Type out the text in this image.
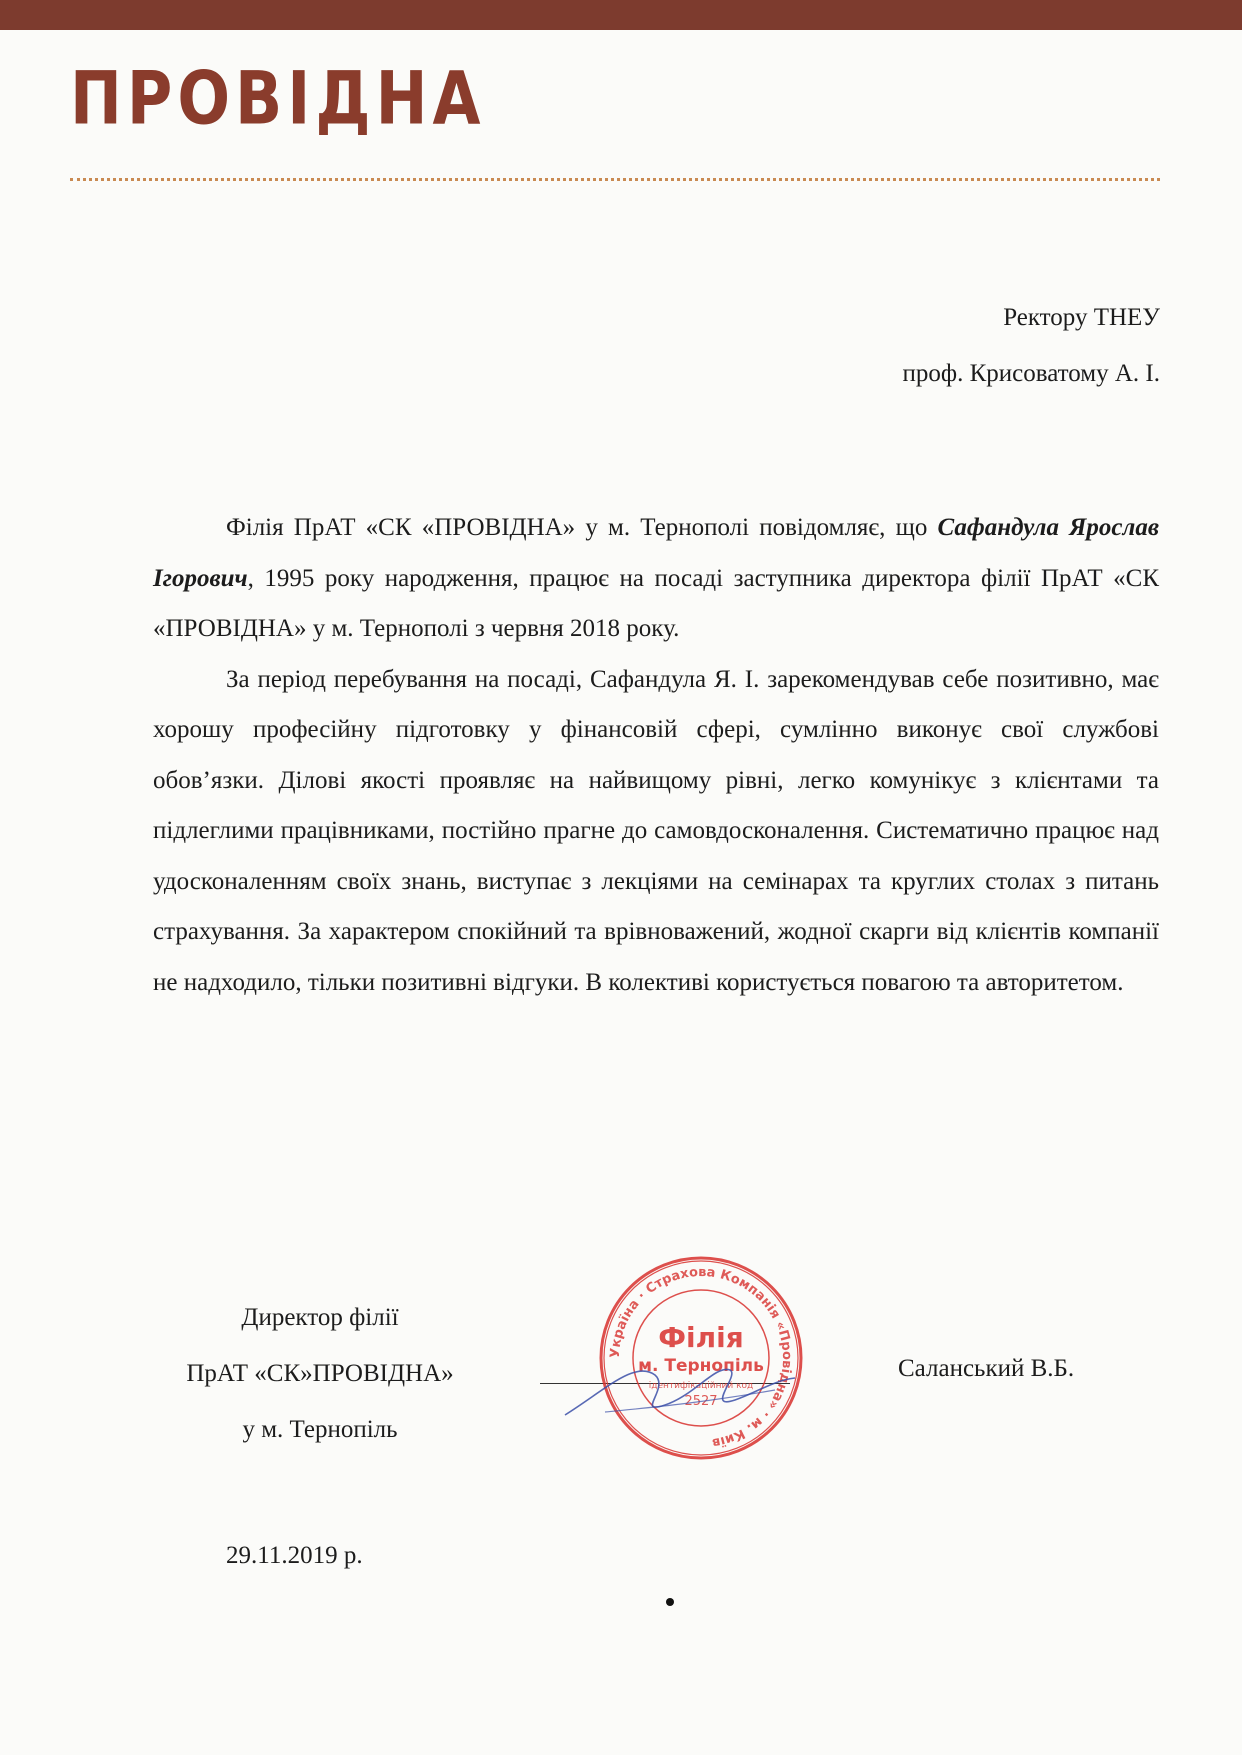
ПРОВІДНА
Ректору ТНЕУ
проф. Крисоватому А. І.

Філія ПрАТ «СК «ПРОВІДНА» у м. Тернополі повідомляє, що Сафандула Ярослав Ігорович, 1995 року народження, працює на посаді заступника директора філії ПрАТ «СК «ПРОВІДНА» у м. Тернополі з червня 2018 року.

За період перебування на посаді, Сафандула Я. І. зарекомендував себе позитивно, має хорошу професійну підготовку у фінансовій сфері, сумлінно виконує свої службові обов’язки. Ділові якості проявляє на найвищому рівні, легко комунікує з клієнтами та підлеглими працівниками, постійно прагне до самовдосконалення. Систематично працює над удосконаленням своїх знань, виступає з лекціями на семінарах та круглих столах з питань страхування. За характером спокійний та врівноважений, жодної скарги від клієнтів компанії не надходило, тільки позитивні відгуки. В колективі користується повагою та авторитетом.

Директор філії
ПрАТ «СК»ПРОВІДНА»
у м. Тернопіль
Україна · Страхова Компанія «Провідна» · м. Київ
Філія
м. Тернопіль
ідентифікаційний код
2527
Саланський В.Б.
29.11.2019 р.
